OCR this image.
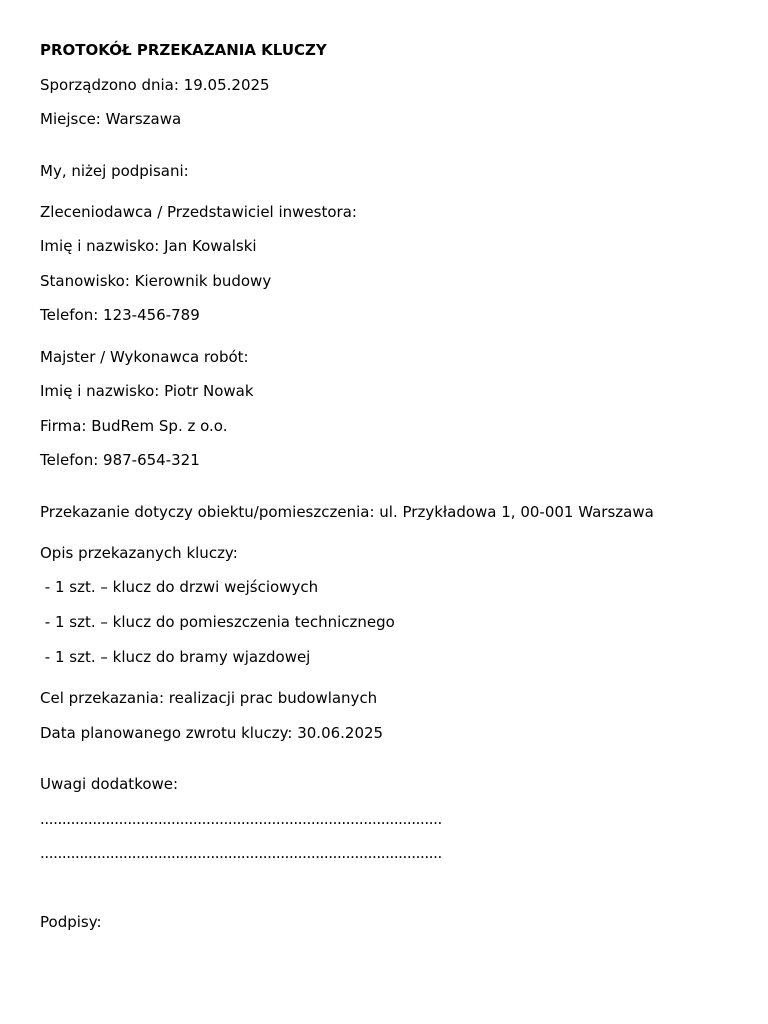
PROTOKÓŁ PRZEKAZANIA KLUCZY
Sporządzono dnia: 19.05.2025
Miejsce: Warszawa
My, niżej podpisani:
Zleceniodawca / Przedstawiciel inwestora:
Imię i nazwisko: Jan Kowalski
Stanowisko: Kierownik budowy
Telefon: 123-456-789
Majster / Wykonawca robót:
Imię i nazwisko: Piotr Nowak
Firma: BudRem Sp. z o.o.
Telefon: 987-654-321
Przekazanie dotyczy obiektu/pomieszczenia: ul. Przykładowa 1, 00-001 Warszawa
Opis przekazanych kluczy:
- 1 szt. – klucz do drzwi wejściowych
- 1 szt. – klucz do pomieszczenia technicznego
- 1 szt. – klucz do bramy wjazdowej
Cel przekazania: realizacji prac budowlanych
Data planowanego zwrotu kluczy: 30.06.2025
Uwagi dodatkowe:
............................................................................................
............................................................................................
Podpisy:
